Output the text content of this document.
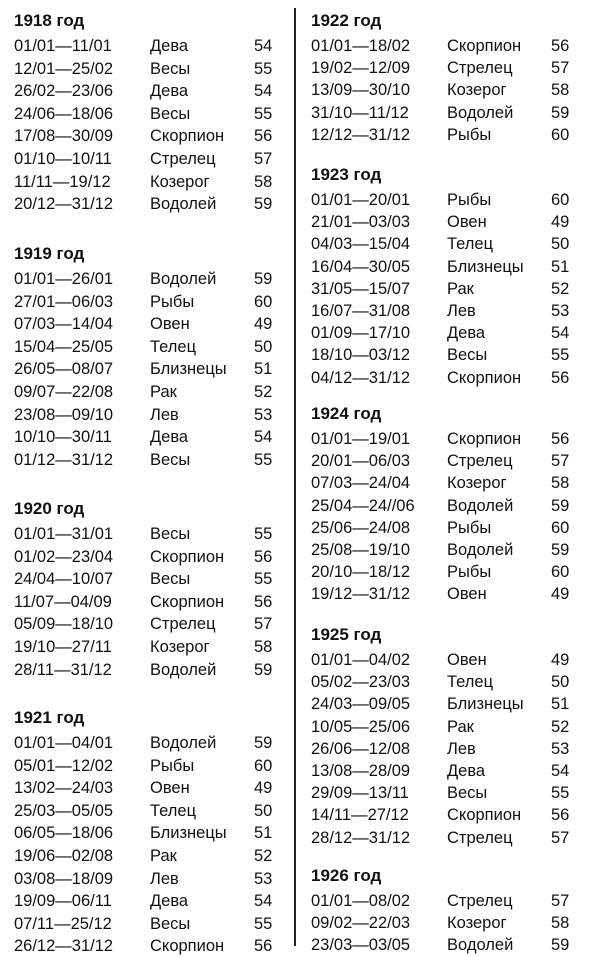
1918 год
01/01—11/01 Дева	54
12/01—25/02 Весы	55
26/02—23/06 Дева	54
24/06—18/06 Весы	55
17/08—30/09 Скорпион 56
01/10—10/11 Стрелец 57
11/11—19/12 Козерог	58
20/12—31/12 Водолей 59
1919 год
01/01—26/01 Водолей 59
27/01—06/03 Рыбы	60
07/03—14/04 Овен	49
15/04—25/05 Телец	50
26/05—08/07 Близнецы 51
09/07—22/08 Рак	52
23/08—09/10 Лев	53
10/10—30/11 Дева	54
01/12—31/12 Весы	55
1920 год
01/01—31/01 Весы	55
01/02—23/04 Скорпион 56
24/04—10/07 Весы	55
11/07—04/09 Скорпион 56
05/09—18/10 Стрелец 57
19/10—27/11 Козерог	58
28/11—31/12 Водолей 59
1921 год
01/01—04/01 Водолей 59
05/01—12/02 Рыбы	60
13/02—24/03 Овен	49
25/03—05/05 Телец	50
06/05—18/06 Близнецы 51
19/06—02/08 Рак	52
03/08—18/09 Лев	53
19/09—06/11 Дева	54
07/11—25/12 Весы	55
26/12—31/12 Скорпион 56
1922 год
01/01—18/02 Скорпион 56
19/02—12/09 Стрелец 57
13/09—30/10 Козерог	58
31/10—11/12 Водолей 59
12/12—31/12 Рыбы	60
1923 год
01/01—20/01 Рыбы	60
21/01—03/03 Овен	49
04/03—15/04 Телец	50
16/04—30/05 Близнецы 51
31/05—15/07 Рак	52
16/07—31/08 Лев	53
01/09—17/10 Дева	54
18/10—03/12 Весы	55
04/12—31/12 Скорпион 56
1924 год
01/01—19/01 Скорпион 56
20/01—06/03 Стрелец 57
07/03—24/04 Козерог	58
25/04—24//06 Водолей 59
25/06—24/08 Рыбы	60
25/08—19/10 Водолей 59
20/10—18/12 Рыбы	60
19/12—31/12 Овен	49
1925 год
01/01—04/02 Овен	49
05/02—23/03 Телец	50
24/03—09/05 Близнецы 51
10/05—25/06 Рак	52
26/06—12/08 Лев	53
13/08—28/09 Дева	54
29/09—13/11 Весы	55
14/11—27/12 Скорпион 56
28/12—31/12 Стрелец 57
1926 год
01/01—08/02 Стрелец 57
09/02—22/03 Козерог	58
23/03—03/05 Водолей 59
